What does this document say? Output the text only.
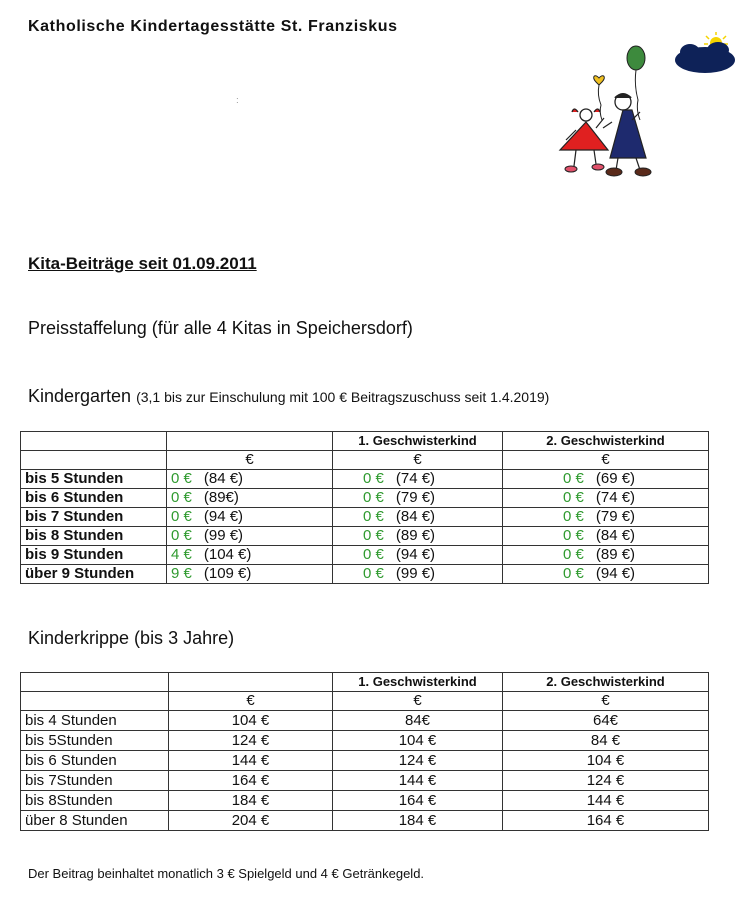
Katholische Kindertagesstätte St. Franziskus
ː
Kita-Beiträge seit 01.09.2011
Preisstaffelung (für alle 4 Kitas in Speichersdorf)
Kindergarten (3,1 bis zur Einschulung mit 100 € Beitragszuschuss seit 1.4.2019)
		1. Geschwisterkind	2. Geschwisterkind
	€	€	€
bis 5 Stunden	0 € (84 €)	0 € (74 €)	0 € (69 €)
bis 6 Stunden	0 € (89€)	0 € (79 €)	0 € (74 €)
bis 7 Stunden	0 € (94 €)	0 € (84 €)	0 € (79 €)
bis 8 Stunden	0 € (99 €)	0 € (89 €)	0 € (84 €)
bis 9 Stunden	4 € (104 €)	0 € (94 €)	0 € (89 €)
über 9 Stunden	9 € (109 €)	0 € (99 €)	0 € (94 €)
Kinderkrippe (bis 3 Jahre)
		1. Geschwisterkind	2. Geschwisterkind
	€	€	€
bis 4 Stunden	104 €	84€	64€
bis 5Stunden	124 €	104 €	84 €
bis 6 Stunden	144 €	124 €	104 €
bis 7Stunden	164 €	144 €	124 €
bis 8Stunden	184 €	164 €	144 €
über 8 Stunden	204 €	184 €	164 €
Der Beitrag beinhaltet monatlich 3 € Spielgeld und 4 € Getränkegeld.
